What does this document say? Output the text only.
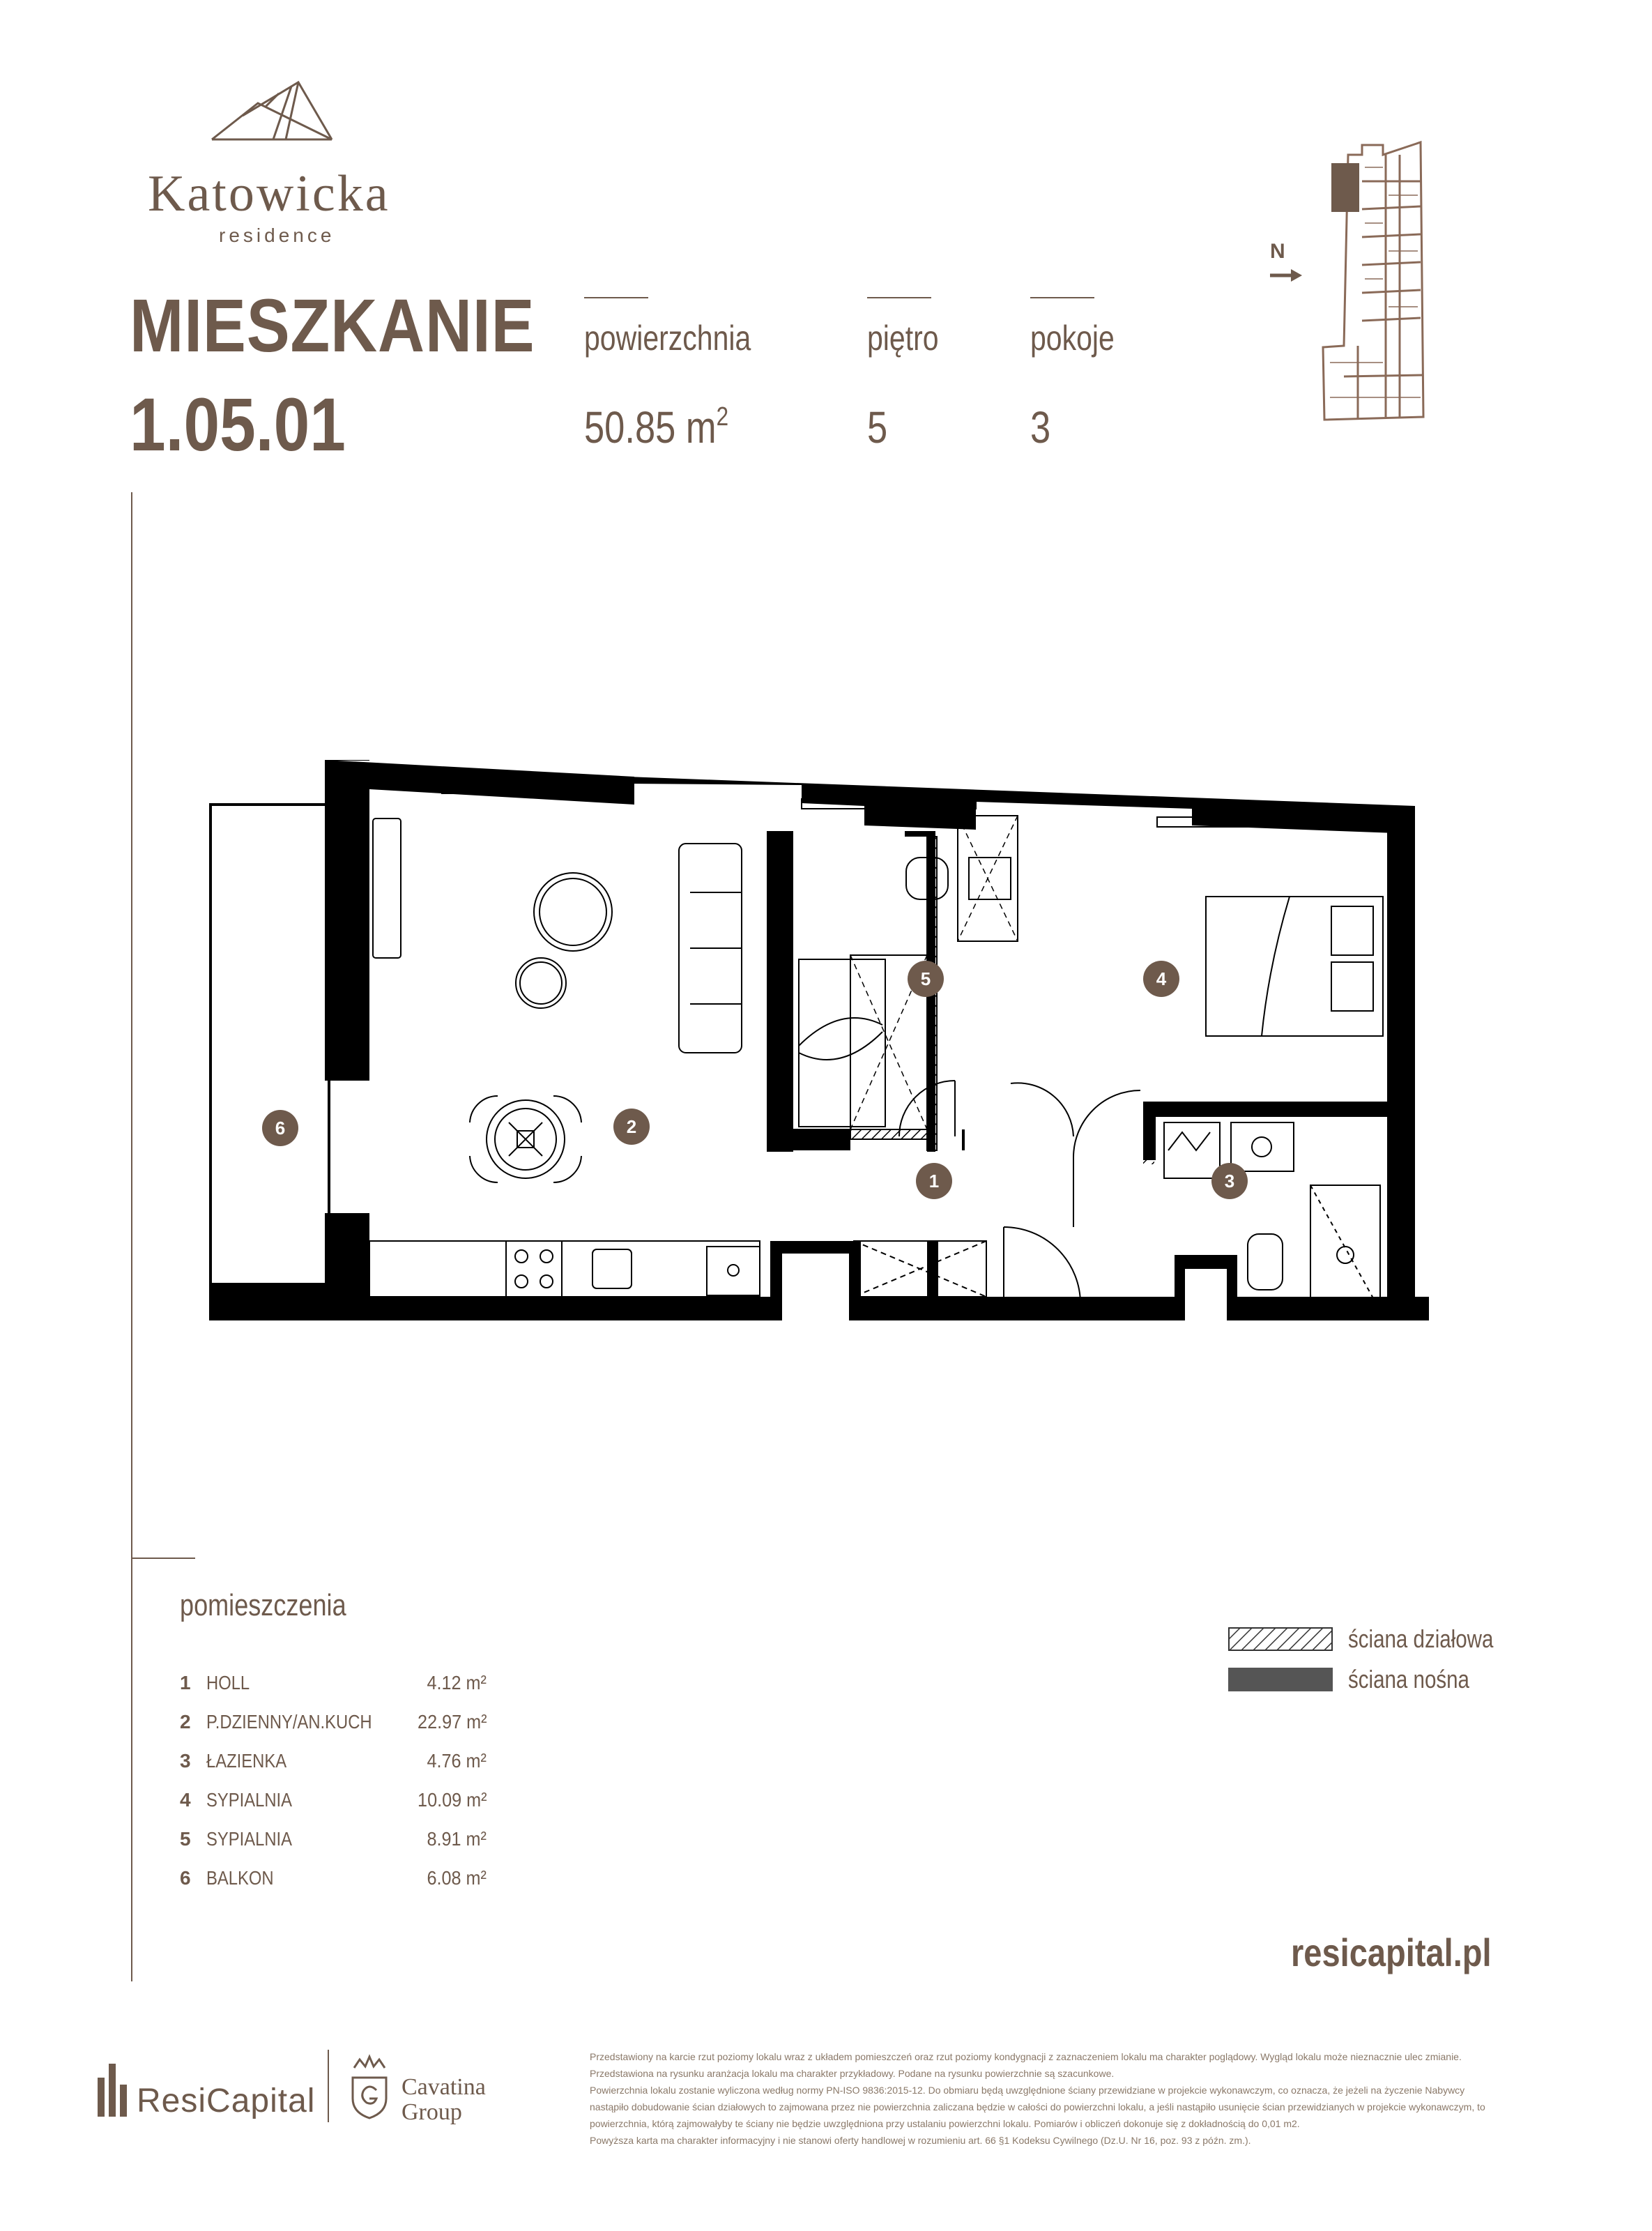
Katowicka
residence
MIESZKANIE
1.05.01
powierzchnia	piętro	pokoje
50.85 $m^2$	5	3
N
1
2
3
4
5
6
pomieszczenia
1 HOLL	4.12 m²
2 P.DZIENNY/AN.KUCH 22.97 m²
3 ŁAZIENKA	4.76 m²
4 SYPIALNIA	10.09 m²
5 SYPIALNIA	8.91 m²
6 BALKON	6.08 m²
ściana działowa
ściana nośna
resicapital.pl
ResiCapital	Cavatina
Group

Przedstawiony na karcie rzut poziomy lokalu wraz z układem pomieszczeń oraz rzut poziomy kondygnacji z zaznaczeniem lokalu ma charakter poglądowy. Wygląd lokalu może nieznacznie ulec zmianie.

Przedstawiona na rysunku aranżacja lokalu ma charakter przykładowy. Podane na rysunku powierzchnie są szacunkowe.

Powierzchnia lokalu zostanie wyliczona według normy PN-ISO 9836:2015-12. Do obmiaru będą uwzględnione ściany przewidziane w projekcie wykonawczym, co oznacza, że jeżeli na życzenie Nabywcy nastąpiło dobudowanie ścian działowych to zajmowana przez nie powierzchnia zaliczana będzie w całości do powierzchni lokalu, a jeśli nastąpiło usunięcie ścian przewidzianych w projekcie wykonawczym, to powierzchnia, którą zajmowałyby te ściany nie będzie uwzględniona przy ustalaniu powierzchni lokalu. Pomiarów i obliczeń dokonuje się z dokładnością do 0,01 m2.

Powyższa karta ma charakter informacyjny i nie stanowi oferty handlowej w rozumieniu art. 66 §1 Kodeksu Cywilnego (Dz.U. Nr 16, poz. 93 z późn. zm.).
